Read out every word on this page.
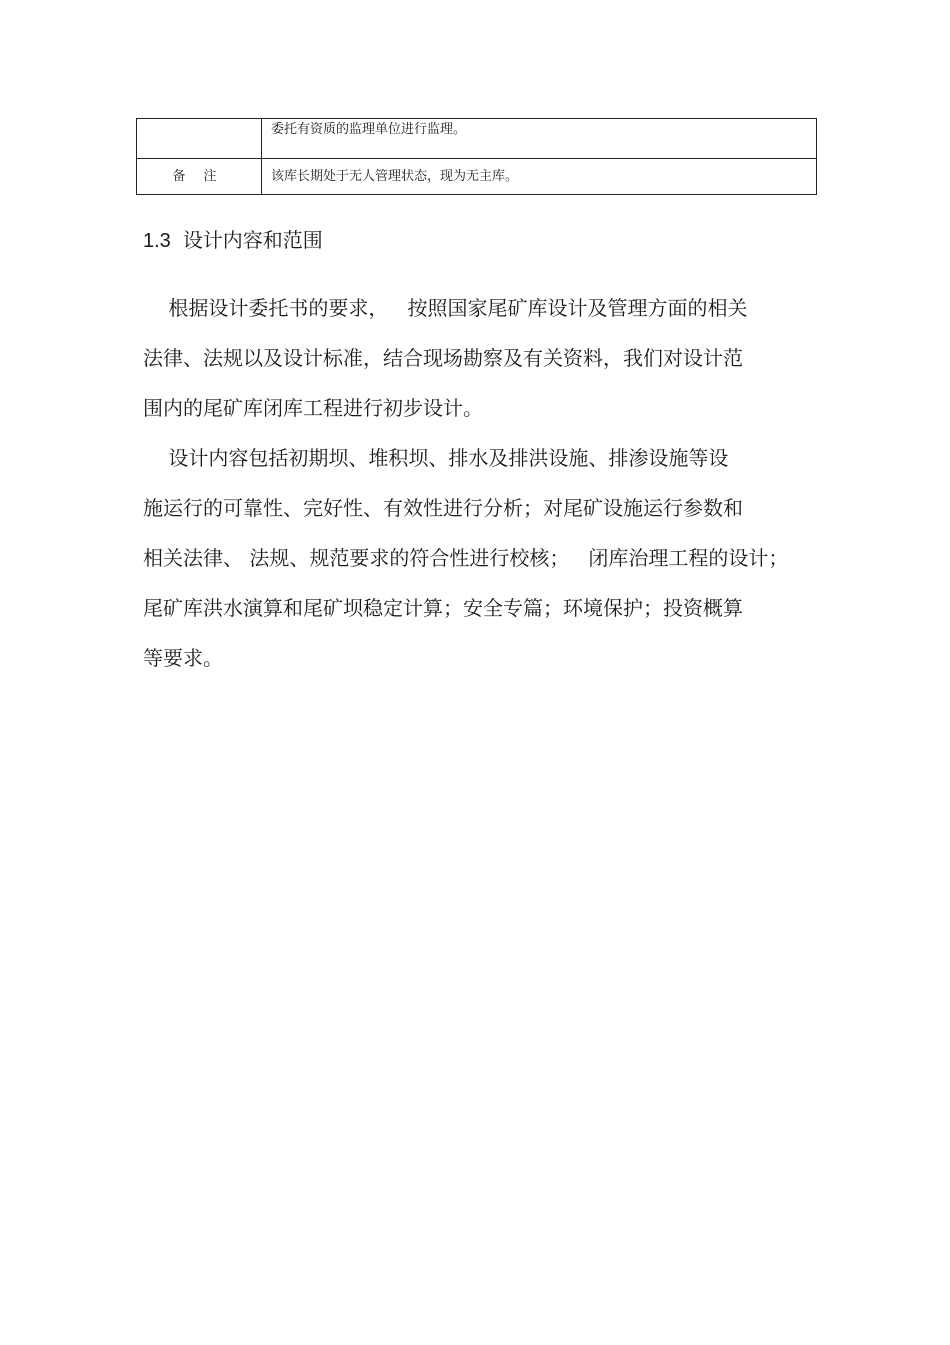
	委托有资质的监理单位进行监理。
备注	该库长期处于无人管理状态，现为无主库。
1.3 设计内容和范围

根据设计委托书的要求，   按照国家尾矿库设计及管理方面的相关

法律、法规以及设计标准，结合现场勘察及有关资料，我们对设计范

围内的尾矿库闭库工程进行初步设计。

设计内容包括初期坝、堆积坝、排水及排洪设施、排渗设施等设

施运行的可靠性、完好性、有效性进行分析；对尾矿设施运行参数和

相关法律、 法规、规范要求的符合性进行校核；   闭库治理工程的设计；

尾矿库洪水演算和尾矿坝稳定计算；安全专篇；环境保护；投资概算

等要求。
